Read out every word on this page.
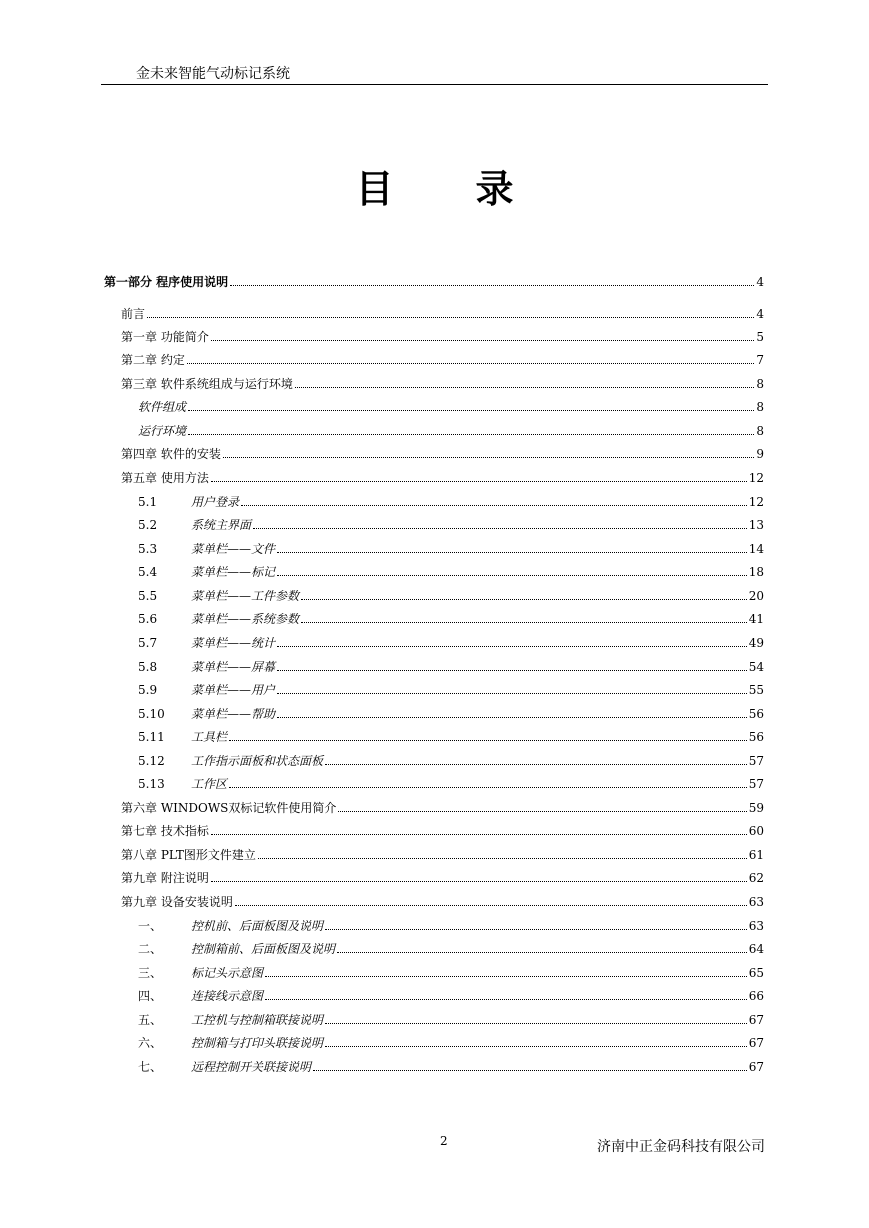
金未来智能气动标记系统
目 录
第一部分 程序使用说明	4
前言	4
第一章 功能简介	5
第二章 约定	7
第三章 软件系统组成与运行环境	8
软件组成	8
运行环境	8
第四章 软件的安装	9
第五章 使用方法	12
5.1	用户登录	12
5.2	系统主界面	13
5.3	菜单栏——文件	14
5.4	菜单栏——标记	18
5.5	菜单栏——工件参数	20
5.6	菜单栏——系统参数	41
5.7	菜单栏——统计	49
5.8	菜单栏——屏幕	54
5.9	菜单栏——用户	55
5.10	菜单栏——帮助	56
5.11	工具栏	56
5.12	工作指示面板和状态面板	57
5.13	工作区	57
第六章 WINDOWS双标记软件使用简介	59
第七章 技术指标	60
第八章 PLT图形文件建立	61
第九章 附注说明	62
第九章 设备安装说明	63
一、	控机前、后面板图及说明	63
二、	控制箱前、后面板图及说明	64
三、	标记头示意图	65
四、	连接线示意图	66
五、	工控机与控制箱联接说明	67
六、	控制箱与打印头联接说明	67
七、	远程控制开关联接说明	67
2	济南中正金码科技有限公司
